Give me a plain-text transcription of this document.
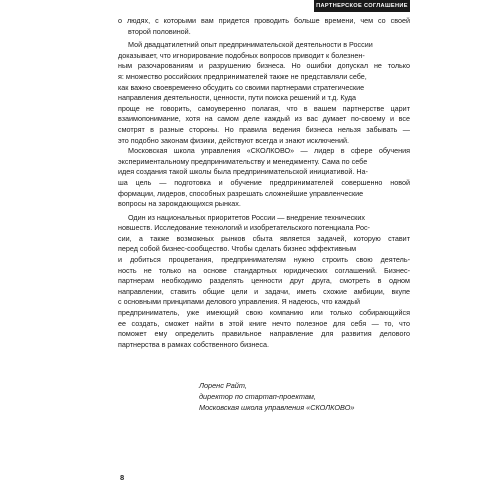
ПАРТНЕРСКОЕ СОГЛАШЕНИЕ
о людях, с которыми вам придется проводить больше времени, чем со своей
второй половиной.
Мой двадцатилетний опыт предпринимательской деятельности в России
доказывает, что игнорирование подобных вопросов приводит к болезнен-
ным разочарованиям и разрушению бизнеса. Но ошибки допускал не только
я: множество российских предпринимателей также не представляли себе,
как важно своевременно обсудить со своими партнерами стратегические
направления деятельности, ценности, пути поиска решений и т.д. Куда
проще не говорить, самоуверенно полагая, что в вашем партнерстве царит
взаимопонимание, хотя на самом деле каждый из вас думает по-своему и все
смотрят в разные стороны. Но правила ведения бизнеса нельзя забывать —
это подобно законам физики, действуют всегда и знают исключений.
Московская школа управления «СКОЛКОВО» — лидер в сфере обучения
экспериментальному предпринимательству и менеджменту. Сама по себе
идея создания такой школы была предпринимательской инициативой. На-
ша цель — подготовка и обучение предпринимателей совершенно новой
формации, лидеров, способных разрешать сложнейшие управленческие
вопросы на зарождающихся рынках.
Один из национальных приоритетов России — внедрение технических
новшеств. Исследование технологий и изобретательского потенциала Рос-
сии, а также возможных рынков сбыта является задачей, которую ставит
перед собой бизнес-сообщество. Чтобы сделать бизнес эффективным
и добиться процветания, предпринимателям нужно строить свою деятель-
ность не только на основе стандартных юридических соглашений. Бизнес-
партнерам необходимо разделять ценности друг друга, смотреть в одном
направлении, ставить общие цели и задачи, иметь схожие амбиции, вкупе
с основными принципами делового управления. Я надеюсь, что каждый
предприниматель, уже имеющий свою компанию или только собирающийся
ее создать, сможет найти в этой книге нечто полезное для себя — то, что
поможет ему определить правильное направление для развития делового
партнерства в рамках собственного бизнеса.
Лоренс Райт,
директор по стартап-проектам,
Московская школа управления «СКОЛКОВО»
8
